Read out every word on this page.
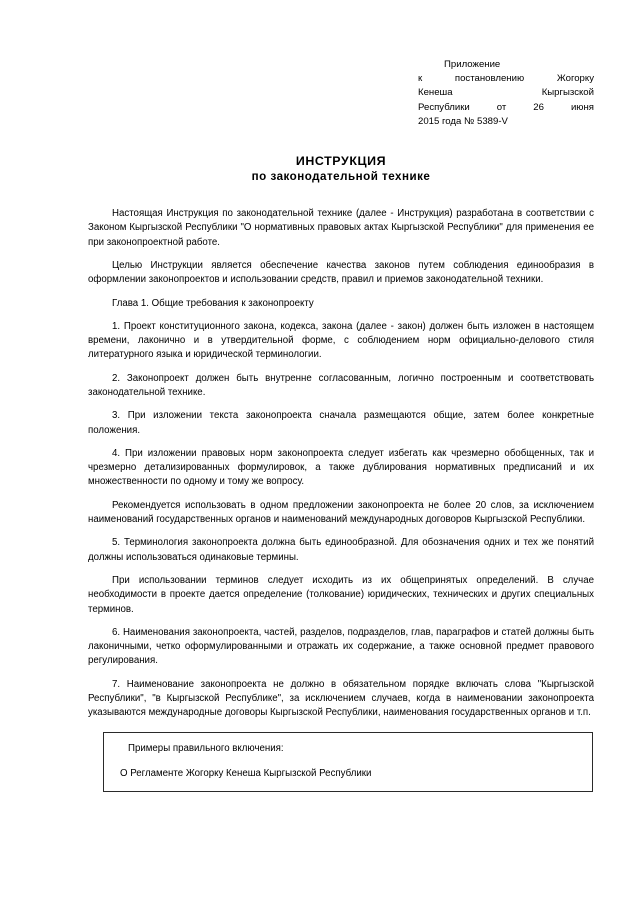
Приложение
к постановлению Жогорку
Кенеша Кыргызской
Республики от 26 июня
2015 года № 5389-V
ИНСТРУКЦИЯ
по законодательной технике

Настоящая Инструкция по законодательной технике (далее - Инструкция) разработана в соответствии с Законом Кыргызской Республики "О нормативных правовых актах Кыргызской Республики" для применения ее при законопроектной работе.

Целью Инструкции является обеспечение качества законов путем соблюдения единообразия в оформлении законопроектов и использовании средств, правил и приемов законодательной техники.

Глава 1. Общие требования к законопроекту

1. Проект конституционного закона, кодекса, закона (далее - закон) должен быть изложен в настоящем времени, лаконично и в утвердительной форме, с соблюдением норм официально-делового стиля литературного языка и юридической терминологии.

2. Законопроект должен быть внутренне согласованным, логично построенным и соответствовать законодательной технике.

3. При изложении текста законопроекта сначала размещаются общие, затем более конкретные положения.

4. При изложении правовых норм законопроекта следует избегать как чрезмерно обобщенных, так и чрезмерно детализированных формулировок, а также дублирования нормативных предписаний и их множественности по одному и тому же вопросу.

Рекомендуется использовать в одном предложении законопроекта не более 20 слов, за исключением наименований государственных органов и наименований международных договоров Кыргызской Республики.

5. Терминология законопроекта должна быть единообразной. Для обозначения одних и тех же понятий должны использоваться одинаковые термины.

При использовании терминов следует исходить из их общепринятых определений. В случае необходимости в проекте дается определение (толкование) юридических, технических и других специальных терминов.

6. Наименования законопроекта, частей, разделов, подразделов, глав, параграфов и статей должны быть лаконичными, четко оформулированными и отражать их содержание, а также основной предмет правового регулирования.

7. Наименование законопроекта не должно в обязательном порядке включать слова "Кыргызской Республики", "в Кыргызской Республике", за исключением случаев, когда в наименовании законопроекта указываются международные договоры Кыргызской Республики, наименования государственных органов и т.п.

Примеры правильного включения:

О Регламенте Жогорку Кенеша Кыргызской Республики
